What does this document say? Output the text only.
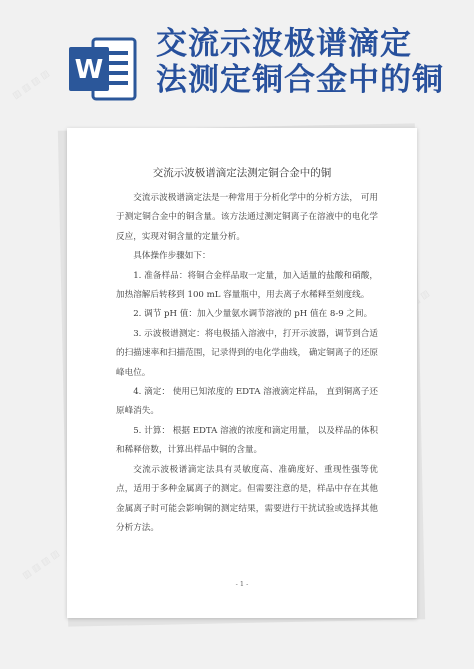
W
交流示波极谱滴定
法测定铜合金中的铜
▨ ▨ ▨ ▨
▨
▨ ▨ ▨ ▨
交流示波极谱滴定法测定铜合金中的铜

交流示波极谱滴定法是一种常用于分析化学中的分析方法， 可用于测定铜合金中的铜含量。该方法通过测定铜离子在溶液中的电化学反应，实现对铜含量的定量分析。

具体操作步骤如下：

1. 准备样品：将铜合金样品取一定量，加入适量的盐酸和硝酸，加热溶解后转移到 100 mL 容量瓶中，用去离子水稀释至刻度线。

2. 调节 pH 值：加入少量氨水调节溶液的 pH 值在 8-9 之间。

3. 示波极谱测定：将电极插入溶液中，打开示波器，调节到合适的扫描速率和扫描范围，记录得到的电化学曲线， 确定铜离子的还原峰电位。

4. 滴定： 使用已知浓度的 EDTA 溶液滴定样品， 直到铜离子还原峰消失。

5. 计算： 根据 EDTA 溶液的浓度和滴定用量， 以及样品的体积和稀释倍数，计算出样品中铜的含量。

交流示波极谱滴定法具有灵敏度高、准确度好、重现性强等优点，适用于多种金属离子的测定。但需要注意的是，样品中存在其他金属离子时可能会影响铜的测定结果，需要进行干扰试验或选择其他分析方法。

- 1 -
